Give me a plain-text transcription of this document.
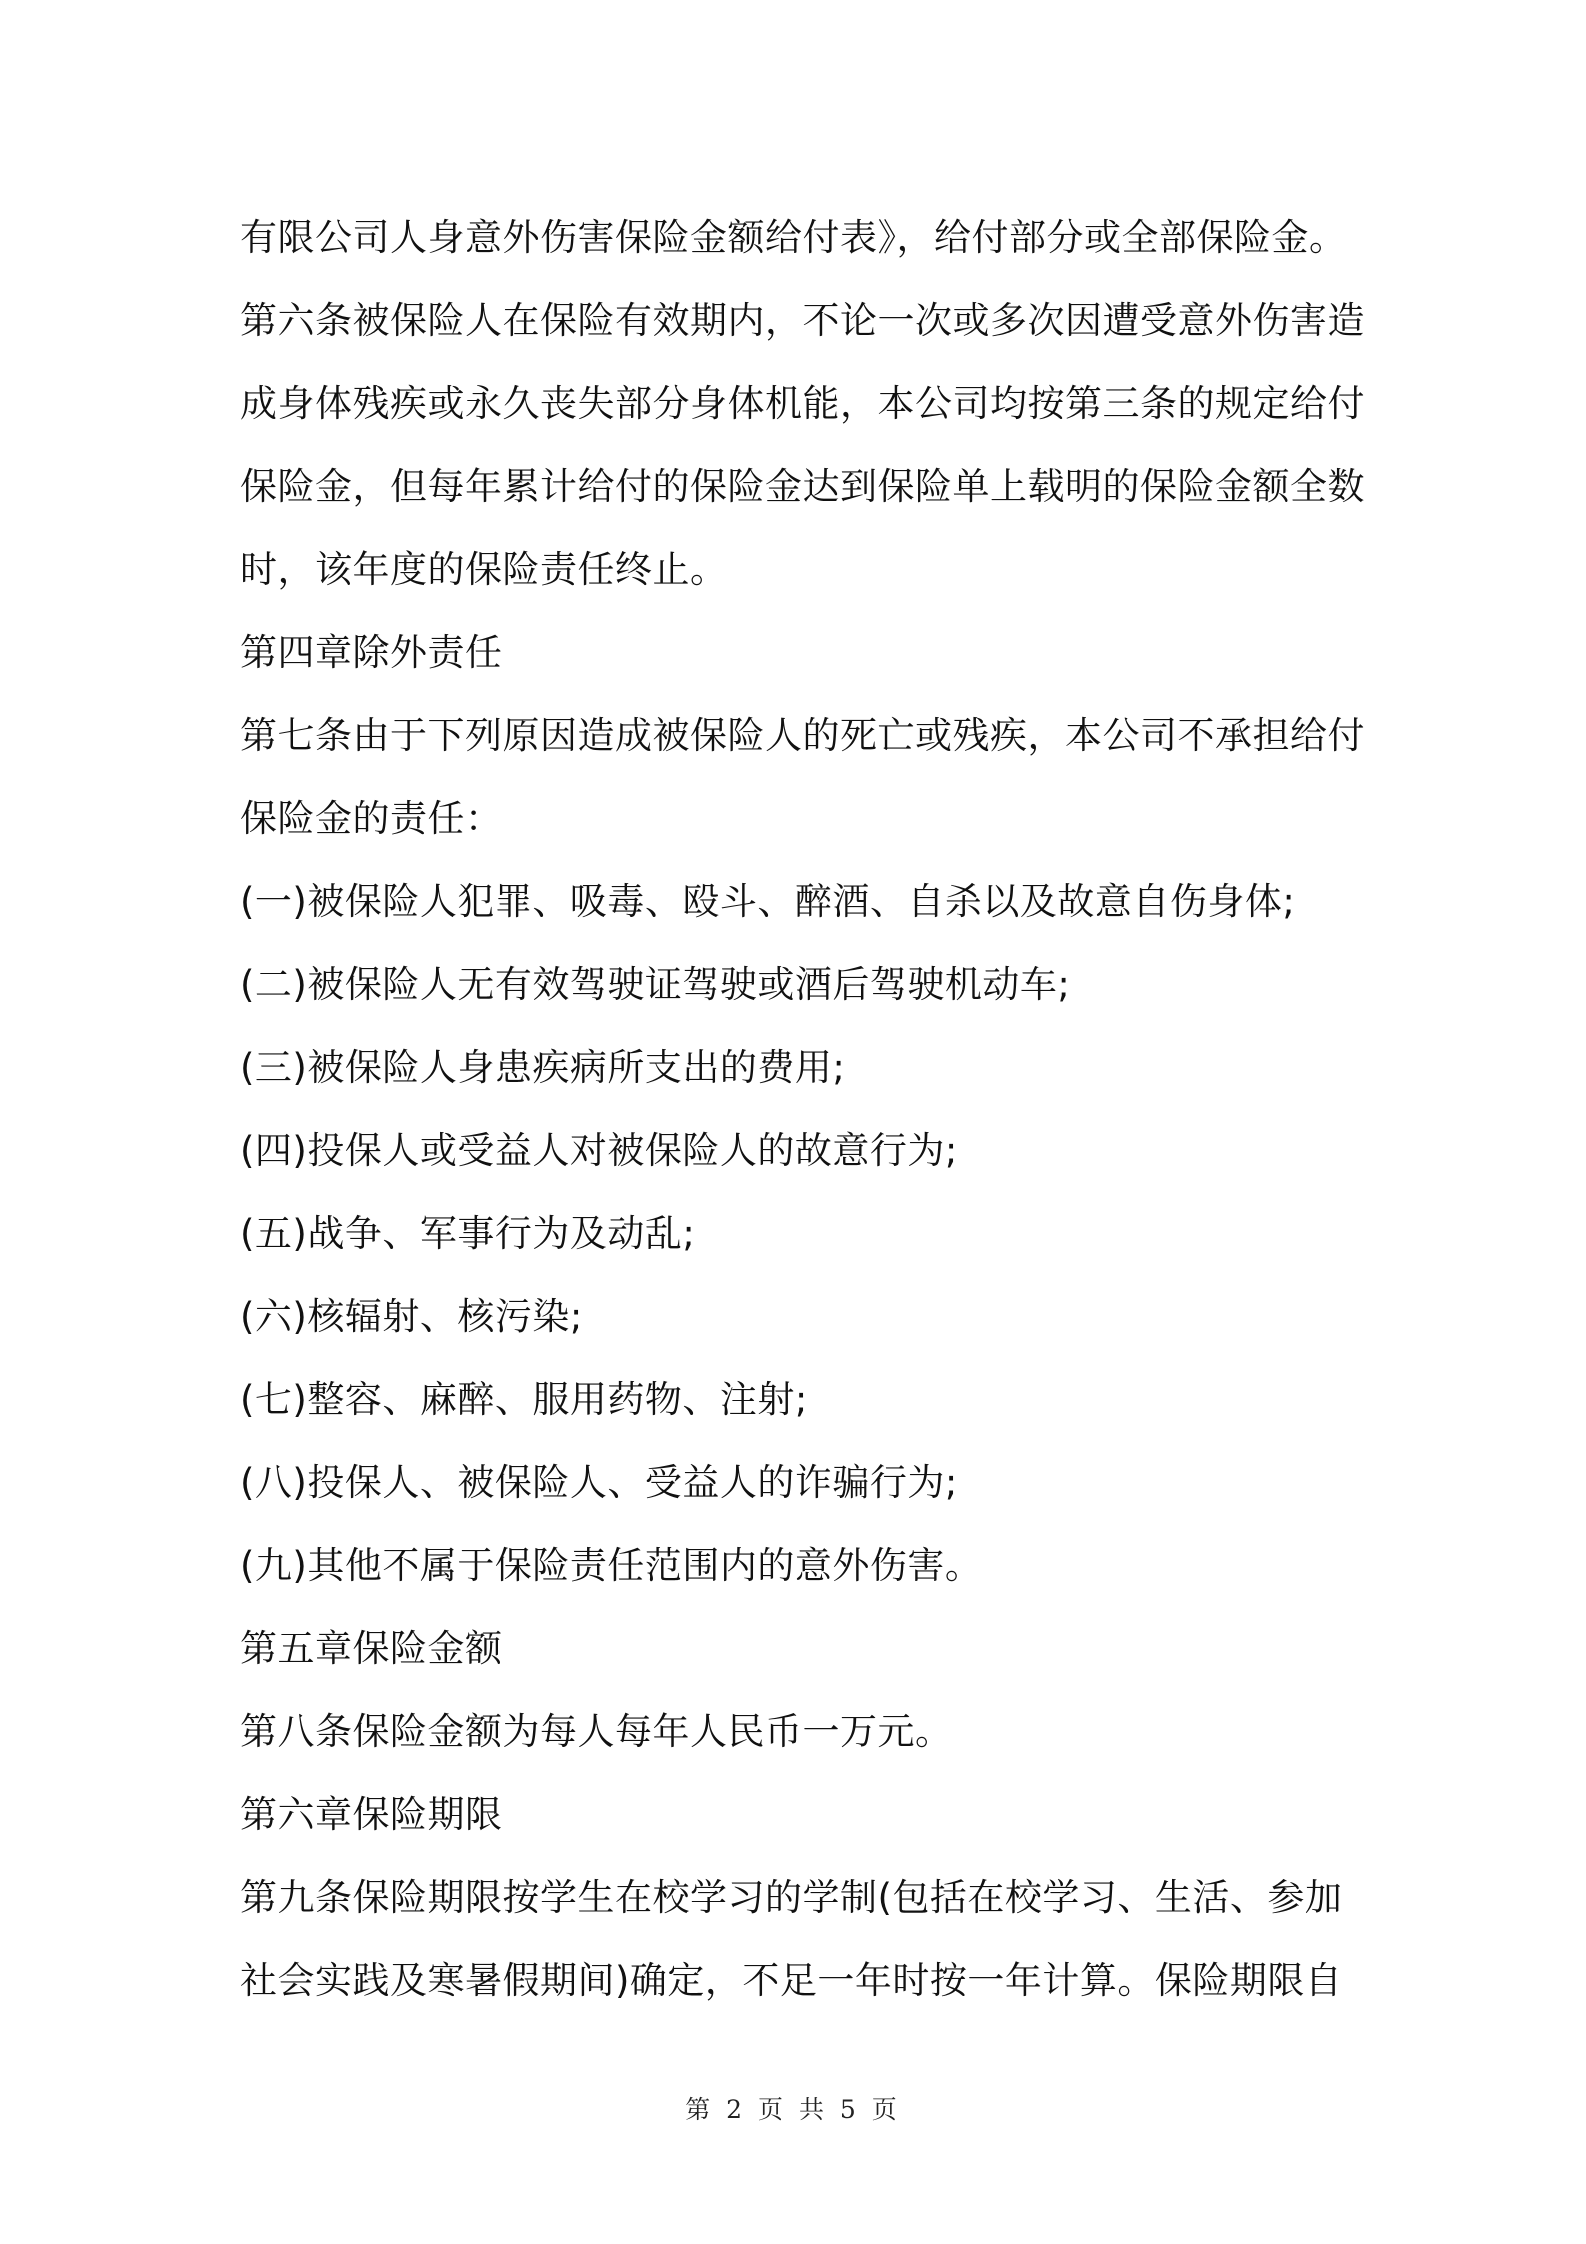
有限公司人身意外伤害保险金额给付表》，给付部分或全部保险金。
第六条被保险人在保险有效期内，不论一次或多次因遭受意外伤害造
成身体残疾或永久丧失部分身体机能，本公司均按第三条的规定给付
保险金，但每年累计给付的保险金达到保险单上载明的保险金额全数
时，该年度的保险责任终止。
第四章除外责任
第七条由于下列原因造成被保险人的死亡或残疾，本公司不承担给付
保险金的责任：
(一)被保险人犯罪、吸毒、殴斗、醉酒、自杀以及故意自伤身体;
(二)被保险人无有效驾驶证驾驶或酒后驾驶机动车;
(三)被保险人身患疾病所支出的费用;
(四)投保人或受益人对被保险人的故意行为;
(五)战争、军事行为及动乱;
(六)核辐射、核污染;
(七)整容、麻醉、服用药物、注射;
(八)投保人、被保险人、受益人的诈骗行为;
(九)其他不属于保险责任范围内的意外伤害。
第五章保险金额
第八条保险金额为每人每年人民币一万元。
第六章保险期限
第九条保险期限按学生在校学习的学制(包括在校学习、生活、参加
社会实践及寒暑假期间)确定，不足一年时按一年计算。保险期限自
第 2 页 共 5 页
